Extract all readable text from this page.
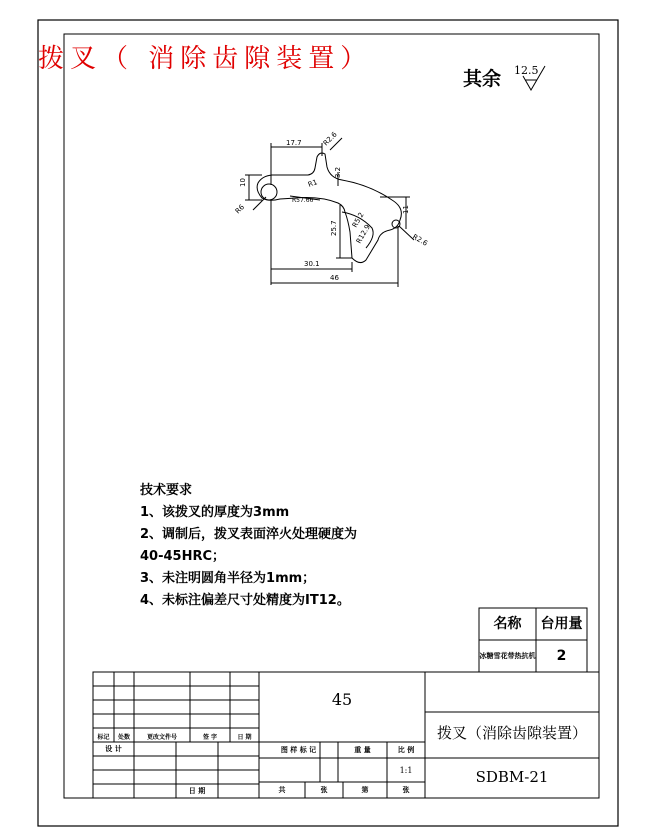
17.7	R2.6
10	R1
3.2
R6
R57.66
11
R2.6
25.7 R5.2
R12.9
30.1
46
拨叉（ 消除齿隙装置）
其余 12.5
技术要求
1、该拨叉的厚度为3mm
2、调制后，拨叉表面淬火处理硬度为
40-45HRC；
3、未注明圆角半径为1mm；
4、未标注偏差尺寸处精度为IT12。
名称	台用量
冰糖雪花带热抗机	2
45
拨叉（消除齿隙装置）
SDBM-21
1:1
标记	处数	更改文件号	签 字	日 期
设 计	图 样 标 记	重 量	比 例
共	张	第	张
日 期
